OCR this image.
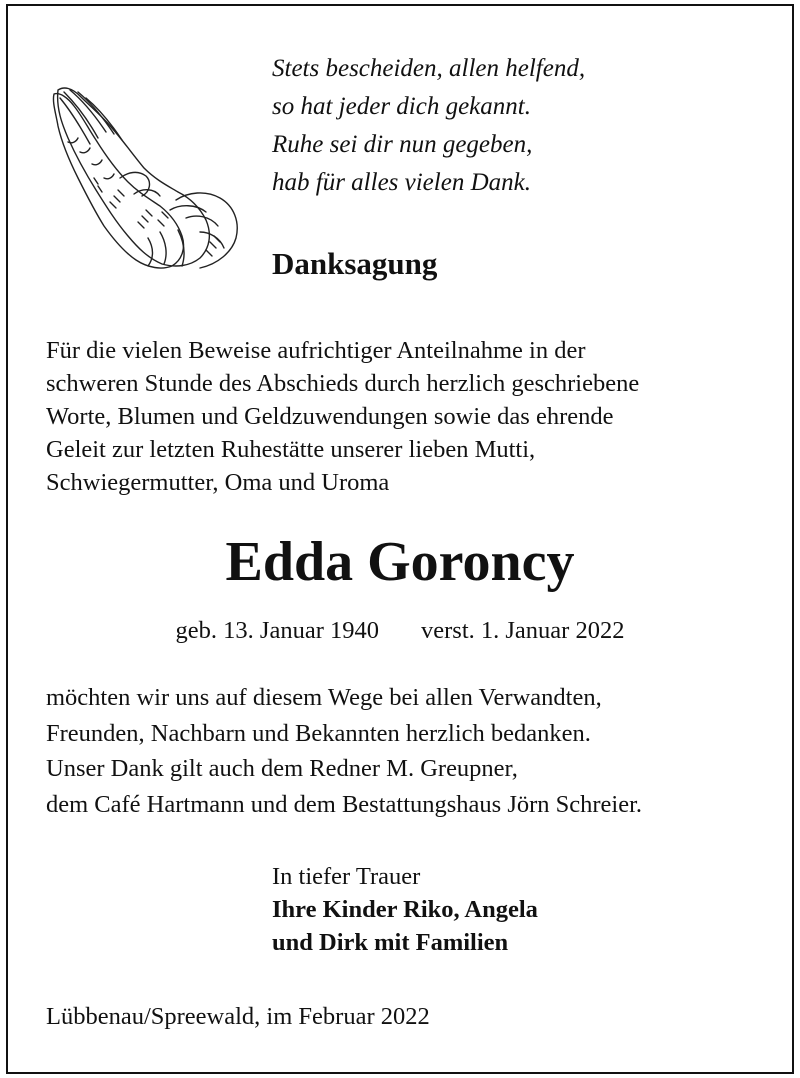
Stets bescheiden, allen helfend,
so hat jeder dich gekannt.
Ruhe sei dir nun gegeben,
hab für alles vielen Dank.
Danksagung
Für die vielen Beweise aufrichtiger Anteilnahme in der
schweren Stunde des Abschieds durch herzlich geschriebene
Worte, Blumen und Geldzuwendungen sowie das ehrende
Geleit zur letzten Ruhestätte unserer lieben Mutti,
Schwiegermutter, Oma und Uroma
Edda Goroncy
geb. 13. Januar 1940 verst. 1. Januar 2022
möchten wir uns auf diesem Wege bei allen Verwandten,
Freunden, Nachbarn und Bekannten herzlich bedanken.
Unser Dank gilt auch dem Redner M. Greupner,
dem Café Hartmann und dem Bestattungshaus Jörn Schreier.
In tiefer Trauer
Ihre Kinder Riko, Angela
und Dirk mit Familien
Lübbenau/Spreewald, im Februar 2022
